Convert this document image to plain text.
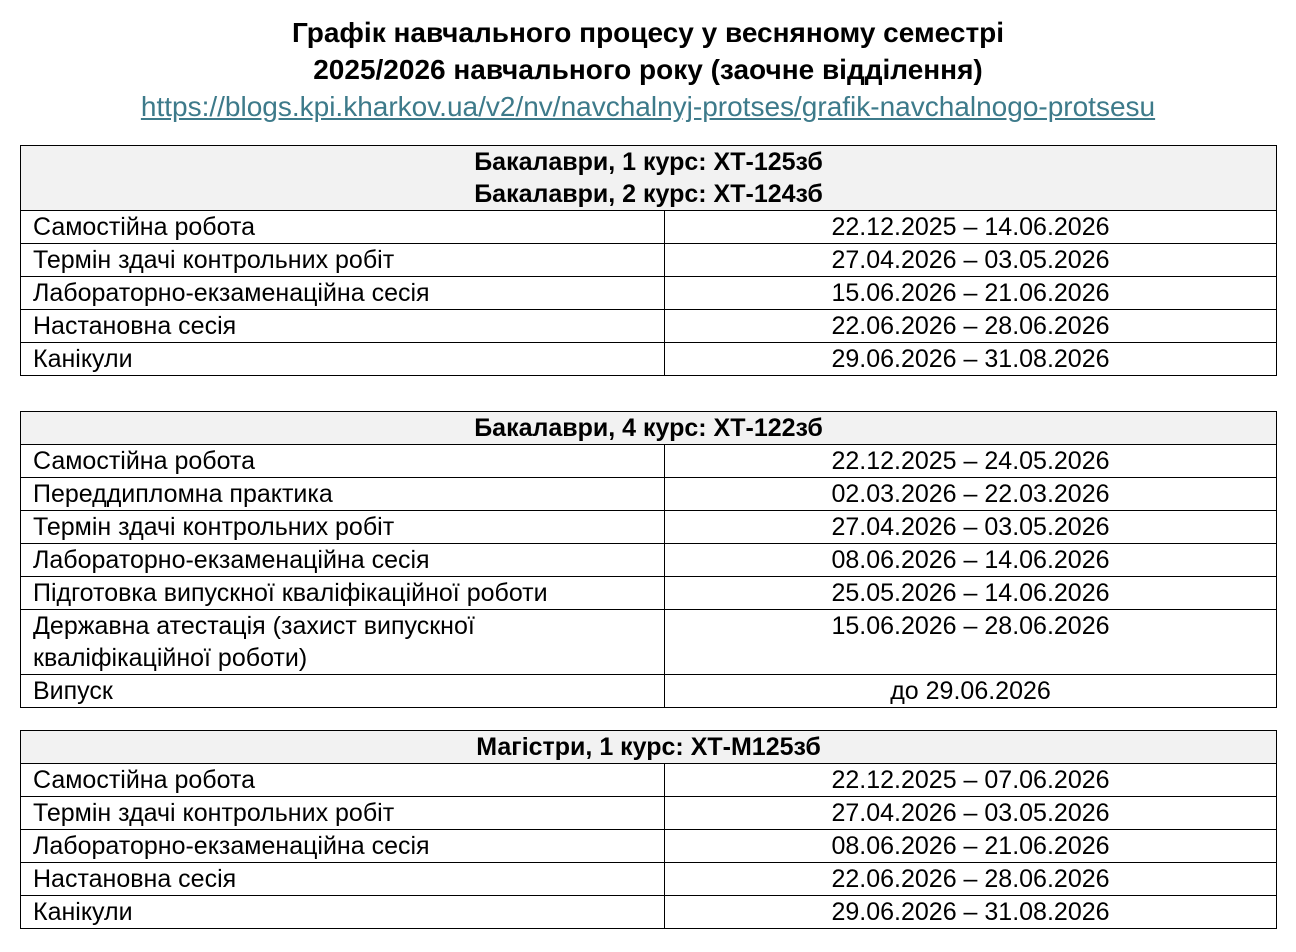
Графік навчального процесу у весняному семестрі

2025/2026 навчального року (заочне відділення)

https://blogs.kpi.kharkov.ua/v2/nv/navchalnyj-protses/grafik-navchalnogo-protsesu
Бакалаври, 1 курс: ХТ-125зб
Бакалаври, 2 курс: ХТ-124зб	

Самостійна робота	22.12.2025 – 14.06.2026
Термін здачі контрольних робіт	27.04.2026 – 03.05.2026
Лабораторно-екзаменаційна сесія	15.06.2026 – 21.06.2026
Настановна сесія	22.06.2026 – 28.06.2026
Канікули	29.06.2026 – 31.08.2026
Бакалаври, 4 курс: ХТ-122зб	

Самостійна робота	22.12.2025 – 24.05.2026
Переддипломна практика	02.03.2026 – 22.03.2026
Термін здачі контрольних робіт	27.04.2026 – 03.05.2026
Лабораторно-екзаменаційна сесія	08.06.2026 – 14.06.2026
Підготовка випускної кваліфікаційної роботи	25.05.2026 – 14.06.2026
Державна атестація (захист випускної кваліфікаційної роботи)	15.06.2026 – 28.06.2026
Випуск	до 29.06.2026
Магістри, 1 курс: ХТ-М125зб	

Самостійна робота	22.12.2025 – 07.06.2026
Термін здачі контрольних робіт	27.04.2026 – 03.05.2026
Лабораторно-екзаменаційна сесія	08.06.2026 – 21.06.2026
Настановна сесія	22.06.2026 – 28.06.2026
Канікули	29.06.2026 – 31.08.2026
